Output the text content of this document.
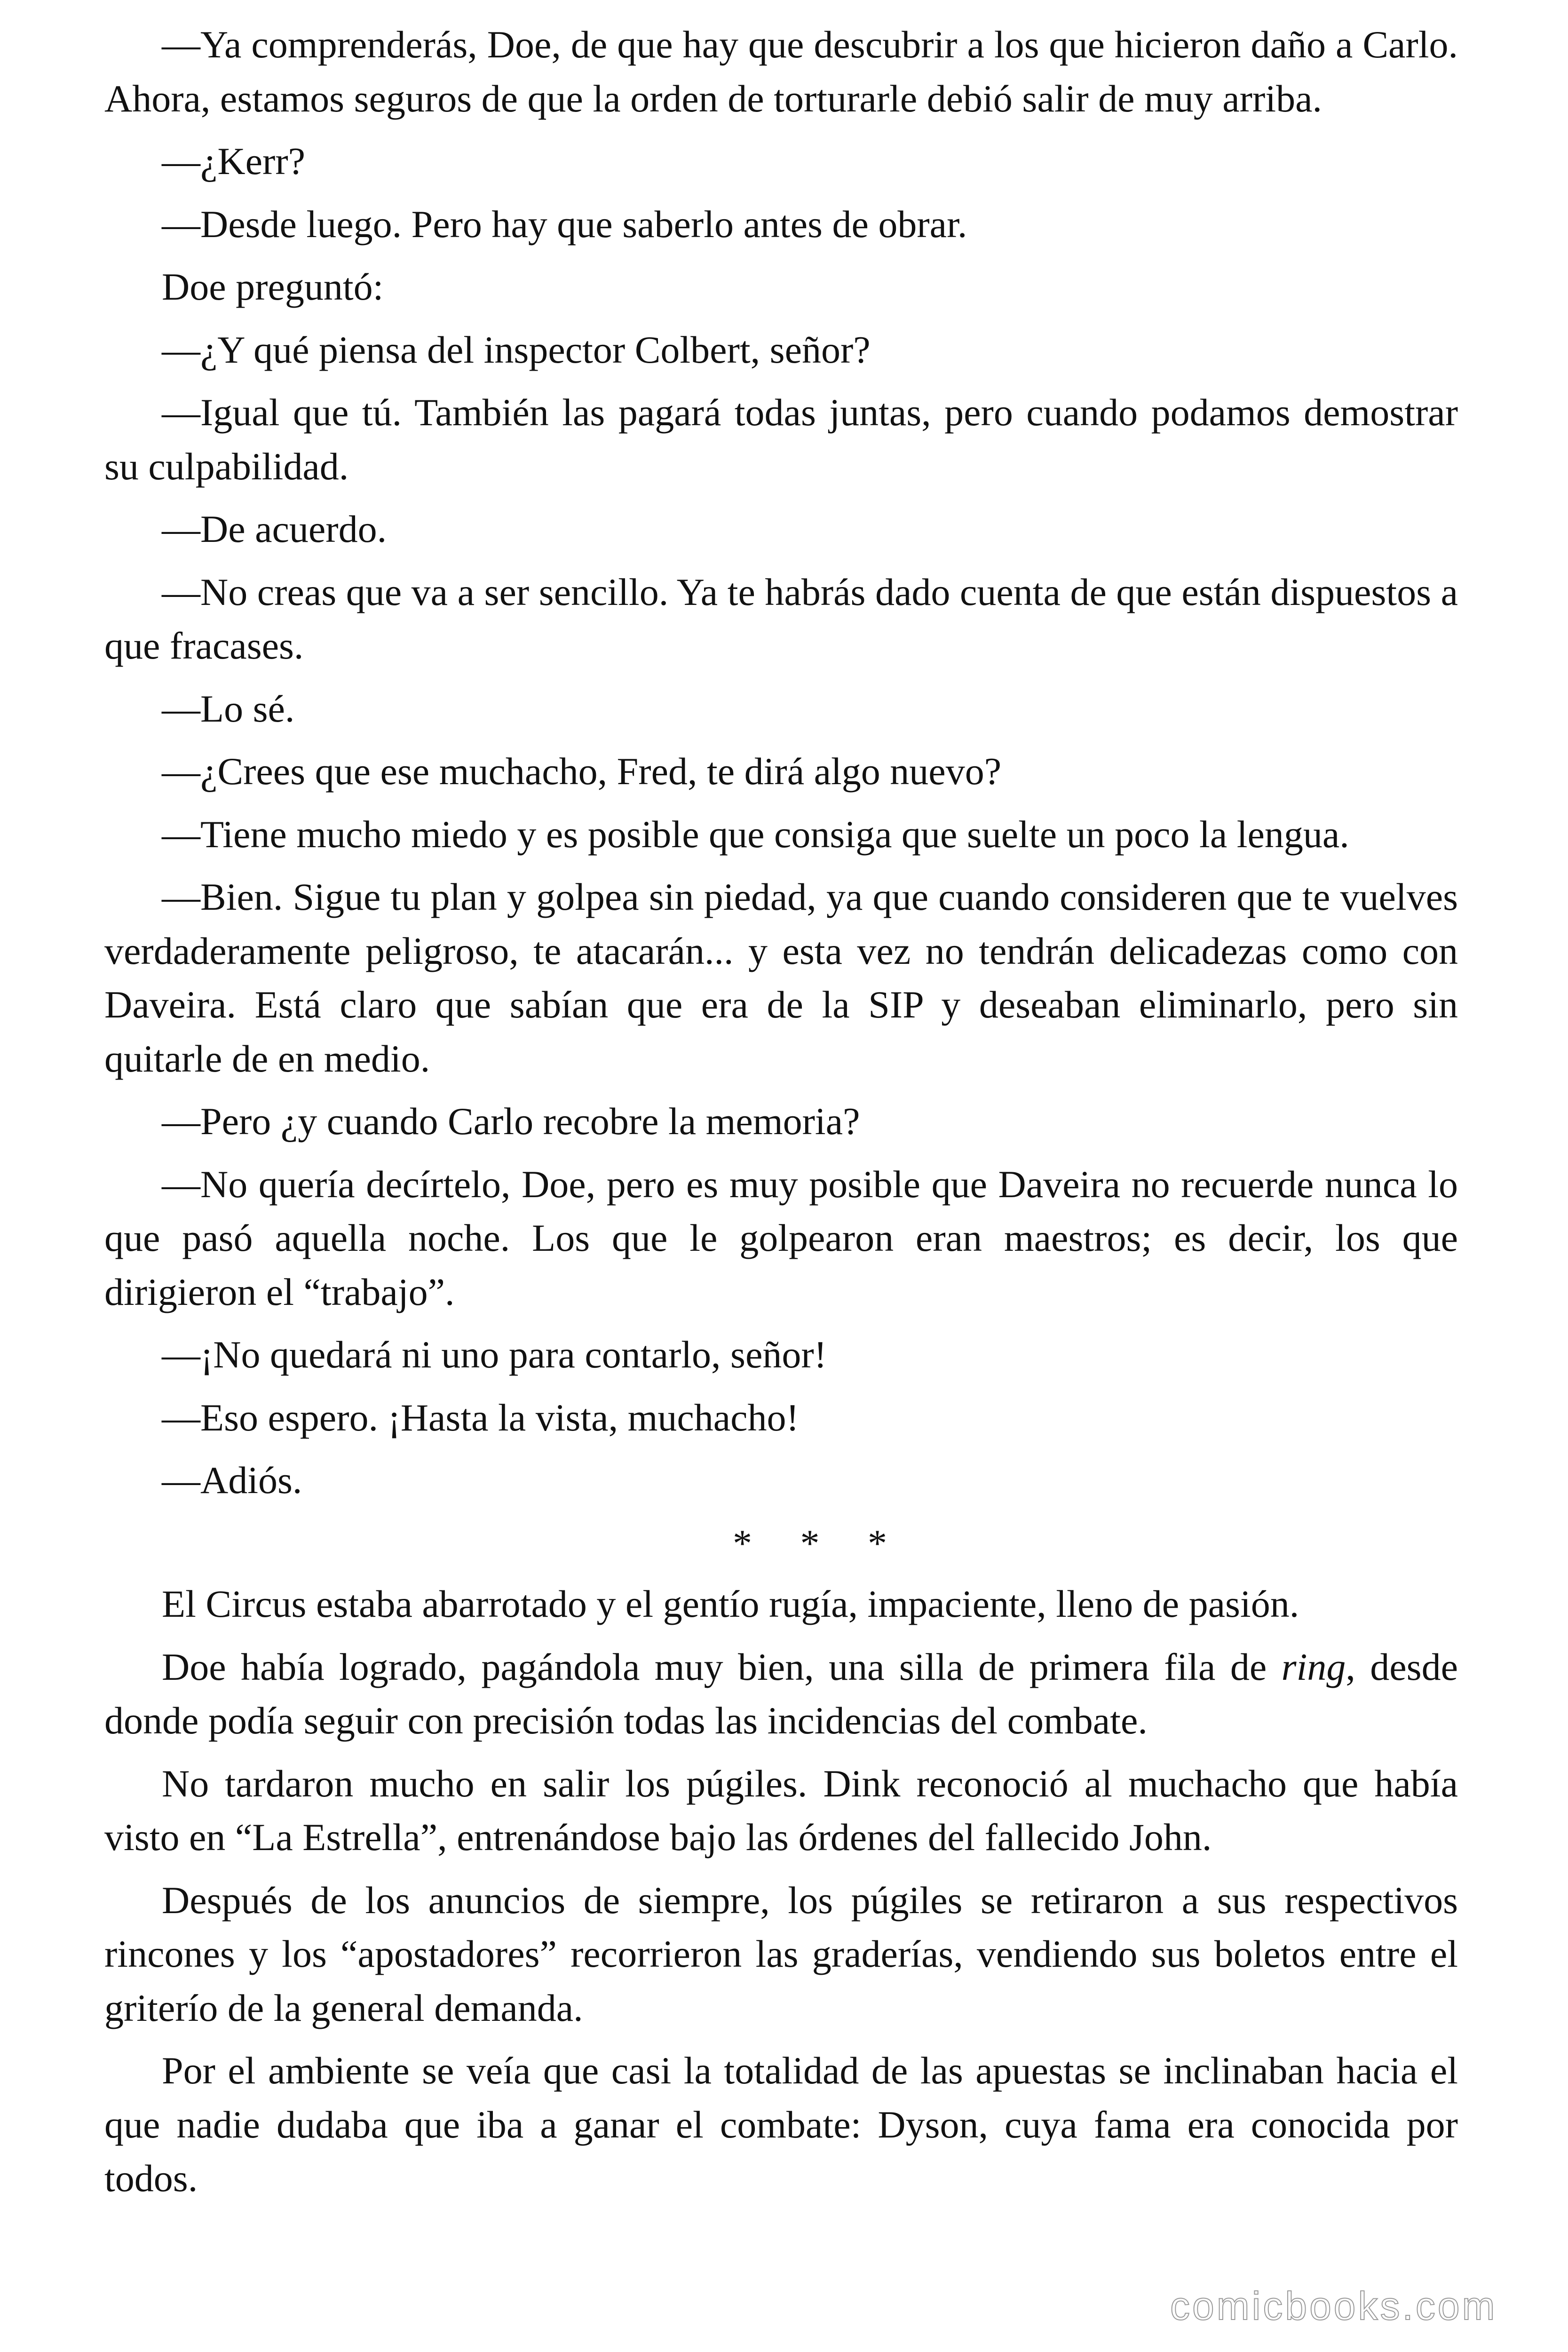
—Ya comprenderás, Doe, de que hay que descubrir a los que hicieron daño a Carlo. Ahora, estamos seguros de que la orden de torturarle debió salir de muy arriba.

—¿Kerr?

—Desde luego. Pero hay que saberlo antes de obrar.

Doe preguntó:

—¿Y qué piensa del inspector Colbert, señor?

—Igual que tú. También las pagará todas juntas, pero cuando podamos demostrar su culpabilidad.

—De acuerdo.

—No creas que va a ser sencillo. Ya te habrás dado cuenta de que están dispuestos a que fracases.

—Lo sé.

—¿Crees que ese muchacho, Fred, te dirá algo nuevo?

—Tiene mucho miedo y es posible que consiga que suelte un poco la lengua.

—Bien. Sigue tu plan y golpea sin piedad, ya que cuando consideren que te vuelves verdaderamente peligroso, te atacarán... y esta vez no tendrán delicadezas como con Daveira. Está claro que sabían que era de la SIP y deseaban eliminarlo, pero sin quitarle de en medio.

—Pero ¿y cuando Carlo recobre la memoria?

—No quería decírtelo, Doe, pero es muy posible que Daveira no recuerde nunca lo que pasó aquella noche. Los que le golpearon eran maestros; es decir, los que dirigieron el “trabajo”.

—¡No quedará ni uno para contarlo, señor!

—Eso espero. ¡Hasta la vista, muchacho!

—Adiós.

* * *

El Circus estaba abarrotado y el gentío rugía, impaciente, lleno de pasión.

Doe había logrado, pagándola muy bien, una silla de primera fila de ring, desde donde podía seguir con precisión todas las incidencias del combate.

No tardaron mucho en salir los púgiles. Dink reconoció al muchacho que había visto en “La Estrella”, entrenándose bajo las órdenes del fallecido John.

Después de los anuncios de siempre, los púgiles se retiraron a sus respectivos rincones y los “apostadores” recorrieron las graderías, vendiendo sus boletos entre el griterío de la general demanda.

Por el ambiente se veía que casi la totalidad de las apuestas se inclinaban hacia el que nadie dudaba que iba a ganar el combate: Dyson, cuya fama era conocida por todos.

comicbooks.com
